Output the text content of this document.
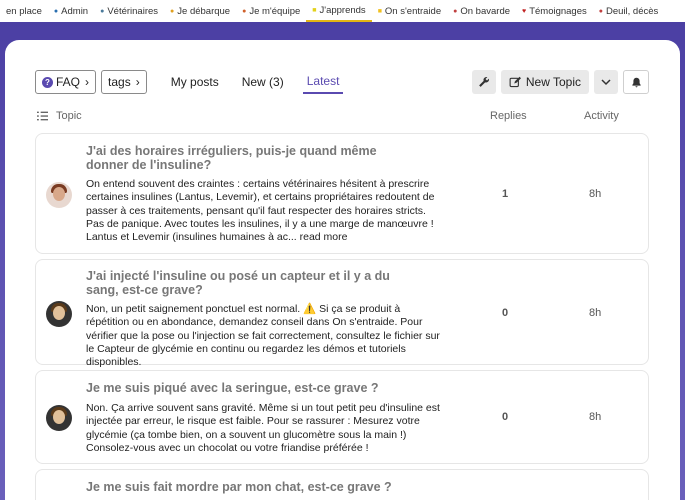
en place ● Admin ● Vétérinaires ● Je débarque ● Je m'équipe ■ J'apprends ■ On s'entraide ● On bavarde ♥ Témoignages ● Deuil, décès
? FAQ › tags ›	My posts	New (3)	Latest	New Topic
Topic	Replies	Activity
J'ai des horaires irréguliers, puis-je quand même donner de l'insuline?
On entend souvent des craintes : certains vétérinaires hésitent à prescrire certaines insulines (Lantus, Levemir), et certains propriétaires redoutent de passer à ces traitements, pensant qu'il faut respecter des horaires stricts. Pas de panique. Avec toutes les insulines, il y a une marge de manœuvre ! Lantus et Levemir (insulines humaines à ac... read more
1	8h
J'ai injecté l'insuline ou posé un capteur et il y a du sang, est-ce grave?
Non, un petit saignement ponctuel est normal. ⚠️ Si ça se produit à répétition ou en abondance, demandez conseil dans On s'entraide. Pour vérifier que la pose ou l'injection se fait correctement, consultez le fichier sur le Capteur de glycémie en continu ou regardez les démos et tutoriels disponibles.
0	8h
Je me suis piqué avec la seringue, est-ce grave ?
Non. Ça arrive souvent sans gravité. Même si un tout petit peu d'insuline est injectée par erreur, le risque est faible. Pour se rassurer : Mesurez votre glycémie (ça tombe bien, on a souvent un glucomètre sous la main !) Consolez-vous avec un chocolat ou votre friandise préférée !
0	8h
Je me suis fait mordre par mon chat, est-ce grave ?
